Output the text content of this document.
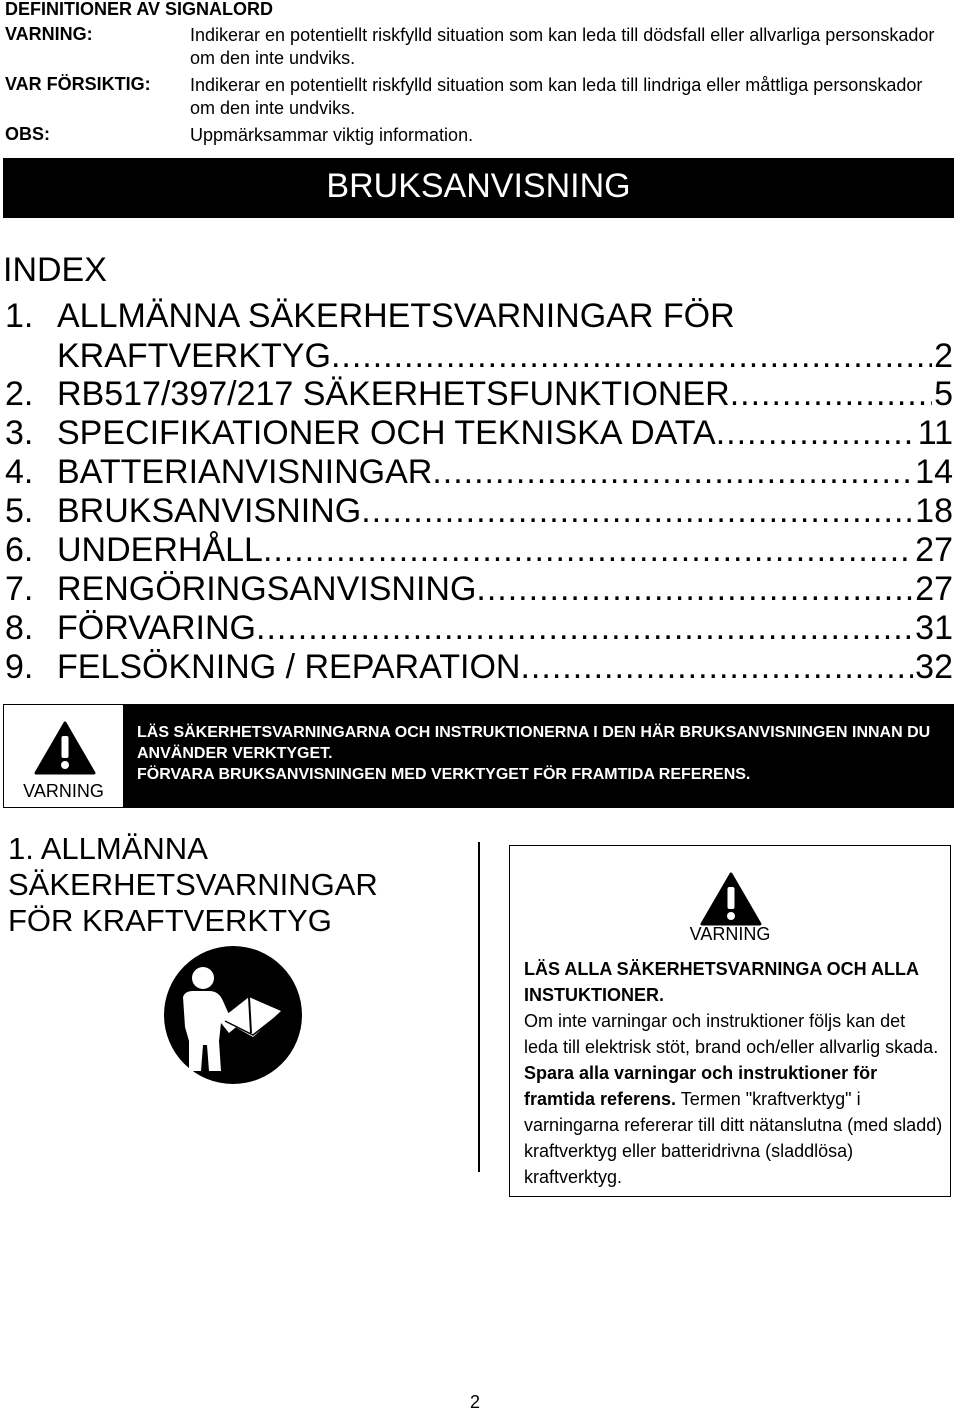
DEFINITIONER AV SIGNALORD
VARNING:	Indikerar en potentiellt riskfylld situation som kan leda till dödsfall eller allvarliga personskador om den inte undviks.
VAR FÖRSIKTIG: Indikerar en potentiellt riskfylld situation som kan leda till lindriga eller måttliga personskador om den inte undviks.
OBS:	Uppmärksammar viktig information.
BRUKSANVISNING
INDEX
1. ALLMÄNNA SÄKERHETSVARNINGAR FÖR
KRAFTVERKTYG .....	2
2. RB517/397/217 SÄKERHETSFUNKTIONER .....	5
3. SPECIFIKATIONER OCH TEKNISKA DATA .....	11
4. BATTERIANVISNINGAR .....	14
5. BRUKSANVISNING .....	18
6. UNDERHÅLL .....	27
7. RENGÖRINGSANVISNING .....	27
8. FÖRVARING .....	31
9. FELSÖKNING / REPARATION .....	32
VARNING
LÄS SÄKERHETSVARNINGARNA OCH INSTRUKTIONERNA I DEN HÄR BRUKSANVISNINGEN INNAN DU ANVÄNDER VERKTYGET.
FÖRVARA BRUKSANVISNINGEN MED VERKTYGET FÖR FRAMTIDA REFERENS.
1. ALLMÄNNA SÄKERHETSVARNINGAR FÖR KRAFTVERKTYG	VARNING
LÄS ALLA SÄKERHETSVARNINGA OCH ALLA INSTUKTIONER.
Om inte varningar och instruktioner följs kan det leda till elektrisk stöt, brand och/eller allvarlig skada. Spara alla varningar och instruktioner för framtida referens. Termen "kraftverktyg" i varningarna refererar till ditt nätanslutna (med sladd) kraftverktyg eller batteridrivna (sladdlösa) kraftverktyg.
2
